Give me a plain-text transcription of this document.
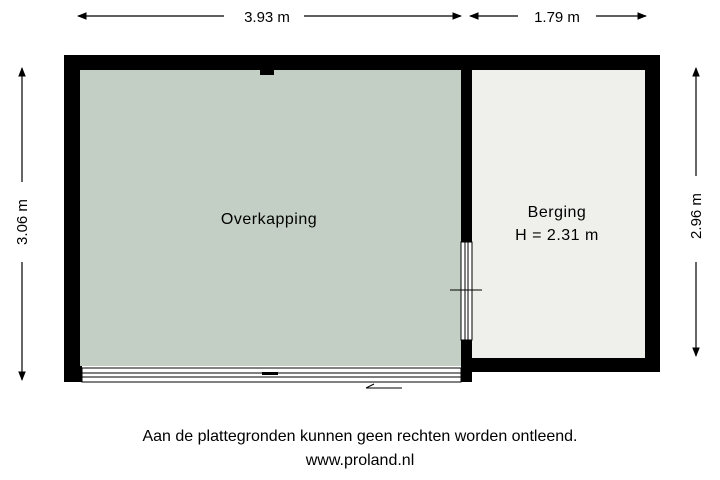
3.93 m	1.79 m
3.06 m	2.96 m
Overkapping	Berging
H = 2.31 m
Aan de plattegronden kunnen geen rechten worden ontleend.
www.proland.nl
